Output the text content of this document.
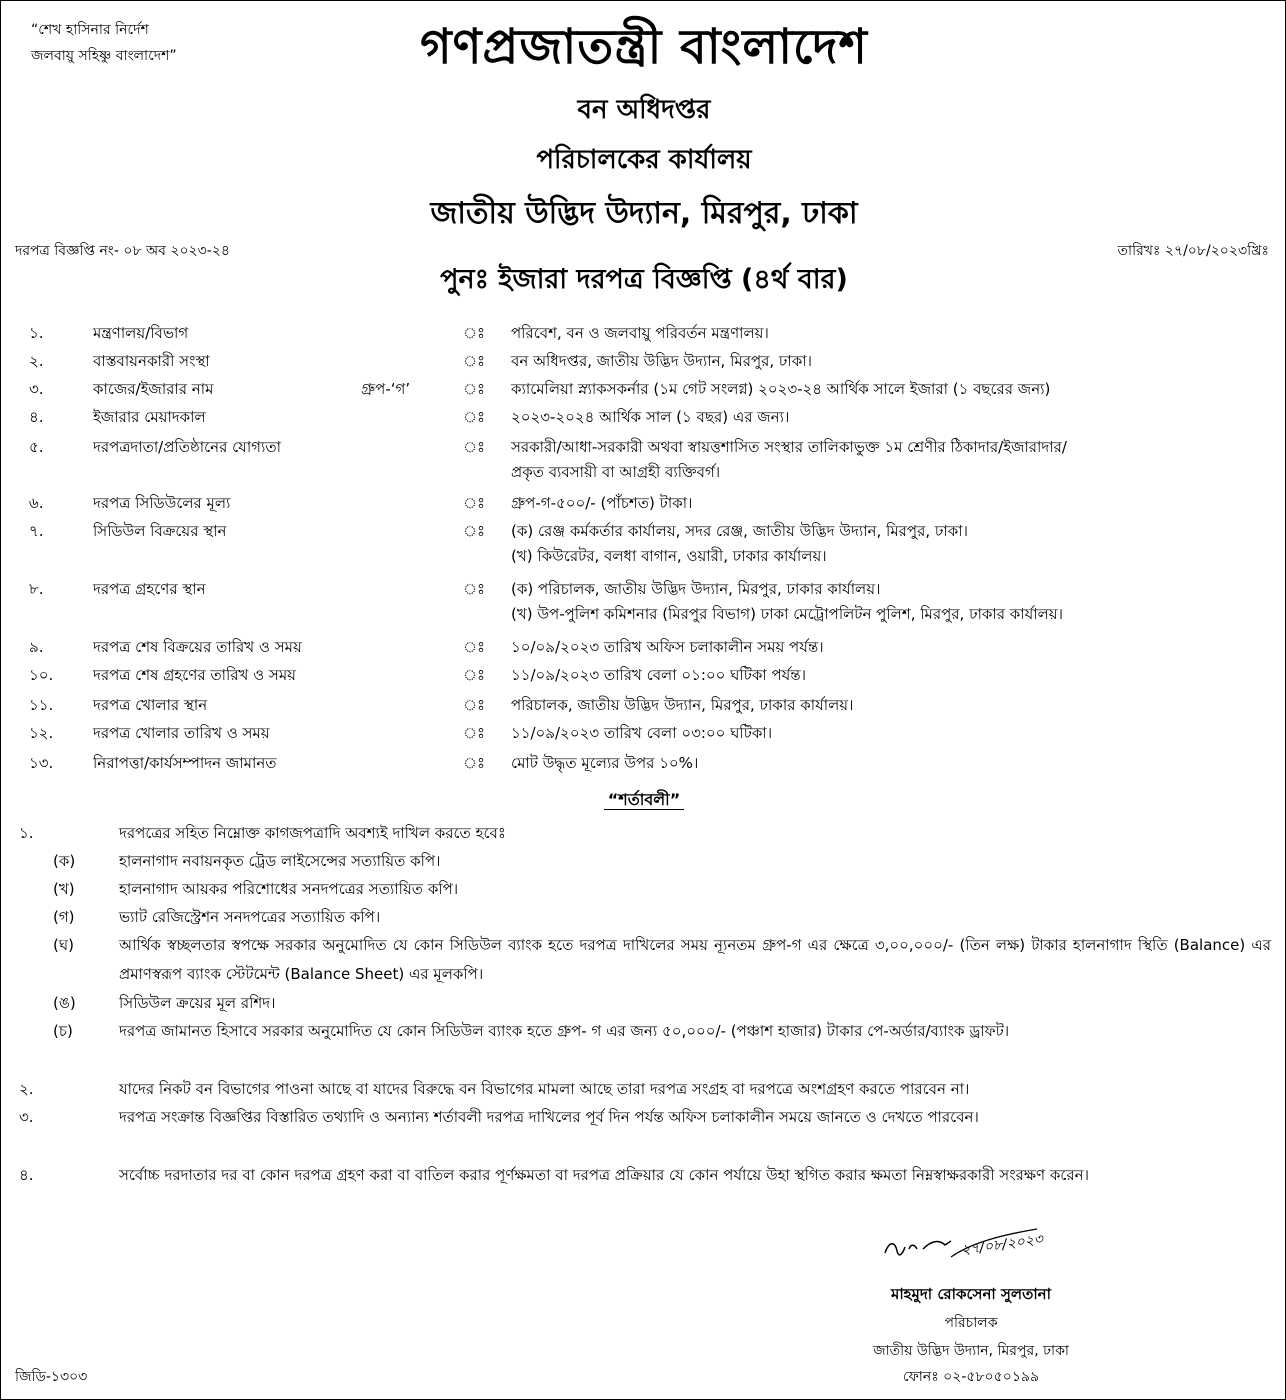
“শেখ হাসিনার নির্দেশ
জলবায়ু সহিষ্ণু বাংলাদেশ”	গণপ্রজাতন্ত্রী বাংলাদেশ
বন অধিদপ্তর
পরিচালকের কার্যালয়
জাতীয় উদ্ভিদ উদ্যান, মিরপুর, ঢাকা
দরপত্র বিজ্ঞপ্তি নং- ০৮ অব ২০২৩-২৪	তারিখঃ ২৭/০৮/২০২৩খ্রিঃ
পুনঃ ইজারা দরপত্র বিজ্ঞপ্তি (৪র্থ বার)
১.	মন্ত্রণালয়/বিভাগ	ঃ পরিবেশ, বন ও জলবায়ু পরিবর্তন মন্ত্রণালয়।
২.	বাস্তবায়নকারী সংস্থা	ঃ বন অধিদপ্তর, জাতীয় উদ্ভিদ উদ্যান, মিরপুর, ঢাকা।
৩.	কাজের/ইজারার নাম	গ্রুপ-‘গ’	ঃ ক্যামেলিয়া স্ন্যাকসকর্নার (১ম গেট সংলগ্ন) ২০২৩-২৪ আর্থিক সালে ইজারা (১ বছরের জন্য)
৪.	ইজারার মেয়াদকাল	ঃ ২০২৩-২০২৪ আর্থিক সাল (১ বছর) এর জন্য।
৫.	দরপত্রদাতা/প্রতিষ্ঠানের যোগ্যতা	ঃ সরকারী/আধা-সরকারী অথবা স্বায়ত্তশাসিত সংস্থার তালিকাভুক্ত ১ম শ্রেণীর ঠিকাদার/ইজারাদার/
প্রকৃত ব্যবসায়ী বা আগ্রহী ব্যক্তিবর্গ।
৬.	দরপত্র সিডিউলের মূল্য	ঃ গ্রুপ-গ-৫০০/- (পাঁচশত) টাকা।
৭.	সিডিউল বিক্রয়ের স্থান	ঃ (ক) রেঞ্জ কর্মকর্তার কার্যালয়, সদর রেঞ্জ, জাতীয় উদ্ভিদ উদ্যান, মিরপুর, ঢাকা।
(খ) কিউরেটর, বলধা বাগান, ওয়ারী, ঢাকার কার্যালয়।
৮.	দরপত্র গ্রহণের স্থান	ঃ (ক) পরিচালক, জাতীয় উদ্ভিদ উদ্যান, মিরপুর, ঢাকার কার্যালয়।
(খ) উপ-পুলিশ কমিশনার (মিরপুর বিভাগ) ঢাকা মেট্রোপলিটন পুলিশ, মিরপুর, ঢাকার কার্যালয়।
৯.	দরপত্র শেষ বিক্রয়ের তারিখ ও সময়	ঃ ১০/০৯/২০২৩ তারিখ অফিস চলাকালীন সময় পর্যন্ত।
১০.	দরপত্র শেষ গ্রহণের তারিখ ও সময়	ঃ ১১/০৯/২০২৩ তারিখ বেলা ০১:০০ ঘটিকা পর্যন্ত।
১১.	দরপত্র খোলার স্থান	ঃ পরিচালক, জাতীয় উদ্ভিদ উদ্যান, মিরপুর, ঢাকার কার্যালয়।
১২.	দরপত্র খোলার তারিখ ও সময়	ঃ ১১/০৯/২০২৩ তারিখ বেলা ০৩:০০ ঘটিকা।
১৩.	নিরাপত্তা/কার্যসম্পাদন জামানত	ঃ মোট উদ্ধৃত মূল্যের উপর ১০%।
“শর্তাবলী”
১.	দরপত্রের সহিত নিম্নোক্ত কাগজপত্রাদি অবশ্যই দাখিল করতে হবেঃ
(ক)	হালনাগাদ নবায়নকৃত ট্রেড লাইসেন্সের সত্যায়িত কপি।
(খ)	হালনাগাদ আয়কর পরিশোধের সনদপত্রের সত্যায়িত কপি।
(গ)	ভ্যাট রেজিস্ট্রেশন সনদপত্রের সত্যায়িত কপি।
(ঘ)	আর্থিক স্বচ্ছলতার স্বপক্ষে সরকার অনুমোদিত যে কোন সিডিউল ব্যাংক হতে দরপত্র দাখিলের সময় ন্যূনতম গ্রুপ-গ এর ক্ষেত্রে ৩,০০,০০০/- (তিন লক্ষ) টাকার হালনাগাদ স্থিতি (Balance) এর প্রমাণস্বরূপ ব্যাংক স্টেটমেন্ট (Balance Sheet) এর মূলকপি।
(ঙ)	সিডিউল ক্রয়ের মূল রশিদ।
(চ)	দরপত্র জামানত হিসাবে সরকার অনুমোদিত যে কোন সিডিউল ব্যাংক হতে গ্রুপ- গ এর জন্য ৫০,০০০/- (পঞ্চাশ হাজার) টাকার পে-অর্ডার/ব্যাংক ড্রাফট।
২.	যাদের নিকট বন বিভাগের পাওনা আছে বা যাদের বিরুদ্ধে বন বিভাগের মামলা আছে তারা দরপত্র সংগ্রহ বা দরপত্রে অংশগ্রহণ করতে পারবেন না।
৩.	দরপত্র সংক্রান্ত বিজ্ঞপ্তির বিস্তারিত তথ্যাদি ও অন্যান্য শর্তাবলী দরপত্র দাখিলের পূর্ব দিন পর্যন্ত অফিস চলাকালীন সময়ে জানতে ও দেখতে পারবেন।
৪.	সর্বোচ্চ দরদাতার দর বা কোন দরপত্র গ্রহণ করা বা বাতিল করার পূর্ণক্ষমতা বা দরপত্র প্রক্রিয়ার যে কোন পর্যায়ে উহা স্থগিত করার ক্ষমতা নিম্নস্বাক্ষরকারী সংরক্ষণ করেন।
২৭/০৮/২০২৩
মাহমুদা রোকসেনা সুলতানা
পরিচালক
জাতীয় উদ্ভিদ উদ্যান, মিরপুর, ঢাকা
ফোনঃ ০২-৫৮০৫০১৯৯
জিডি-১৩০৩
